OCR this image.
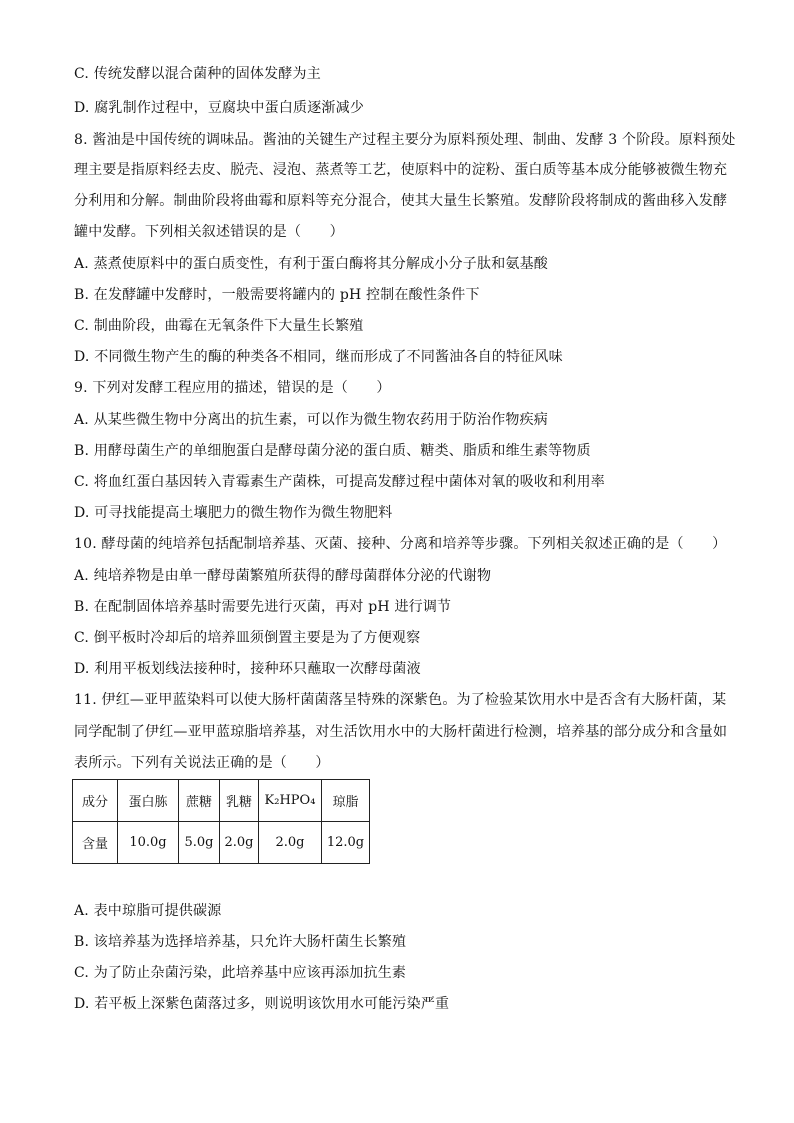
C. 传统发酵以混合菌种的固体发酵为主
D. 腐乳制作过程中，豆腐块中蛋白质逐渐减少
8. 酱油是中国传统的调味品。酱油的关键生产过程主要分为原料预处理、制曲、发酵 3 个阶段。原料预处
理主要是指原料经去皮、脱壳、浸泡、蒸煮等工艺，使原料中的淀粉、蛋白质等基本成分能够被微生物充
分利用和分解。制曲阶段将曲霉和原料等充分混合，使其大量生长繁殖。发酵阶段将制成的酱曲移入发酵
罐中发酵。下列相关叙述错误的是（　　）
A. 蒸煮使原料中的蛋白质变性，有利于蛋白酶将其分解成小分子肽和氨基酸
B. 在发酵罐中发酵时，一般需要将罐内的 pH 控制在酸性条件下
C. 制曲阶段，曲霉在无氧条件下大量生长繁殖
D. 不同微生物产生的酶的种类各不相同，继而形成了不同酱油各自的特征风味
9. 下列对发酵工程应用的描述，错误的是（　　）
A. 从某些微生物中分离出的抗生素，可以作为微生物农药用于防治作物疾病
B. 用酵母菌生产的单细胞蛋白是酵母菌分泌的蛋白质、糖类、脂质和维生素等物质
C. 将血红蛋白基因转入青霉素生产菌株，可提高发酵过程中菌体对氧的吸收和利用率
D. 可寻找能提高土壤肥力的微生物作为微生物肥料
10. 酵母菌的纯培养包括配制培养基、灭菌、接种、分离和培养等步骤。下列相关叙述正确的是（　　）
A. 纯培养物是由单一酵母菌繁殖所获得的酵母菌群体分泌的代谢物
B. 在配制固体培养基时需要先进行灭菌，再对 pH 进行调节
C. 倒平板时冷却后的培养皿须倒置主要是为了方便观察
D. 利用平板划线法接种时，接种环只蘸取一次酵母菌液
11. 伊红—亚甲蓝染料可以使大肠杆菌菌落呈特殊的深紫色。为了检验某饮用水中是否含有大肠杆菌，某
同学配制了伊红—亚甲蓝琼脂培养基，对生活饮用水中的大肠杆菌进行检测，培养基的部分成分和含量如
表所示。下列有关说法正确的是（　　）
成分	蛋白胨	蔗糖	乳糖	K₂HPO₄	琼脂
含量	10.0g	5.0g	2.0g	2.0g	12.0g
A. 表中琼脂可提供碳源
B. 该培养基为选择培养基，只允许大肠杆菌生长繁殖
C. 为了防止杂菌污染，此培养基中应该再添加抗生素
D. 若平板上深紫色菌落过多，则说明该饮用水可能污染严重
